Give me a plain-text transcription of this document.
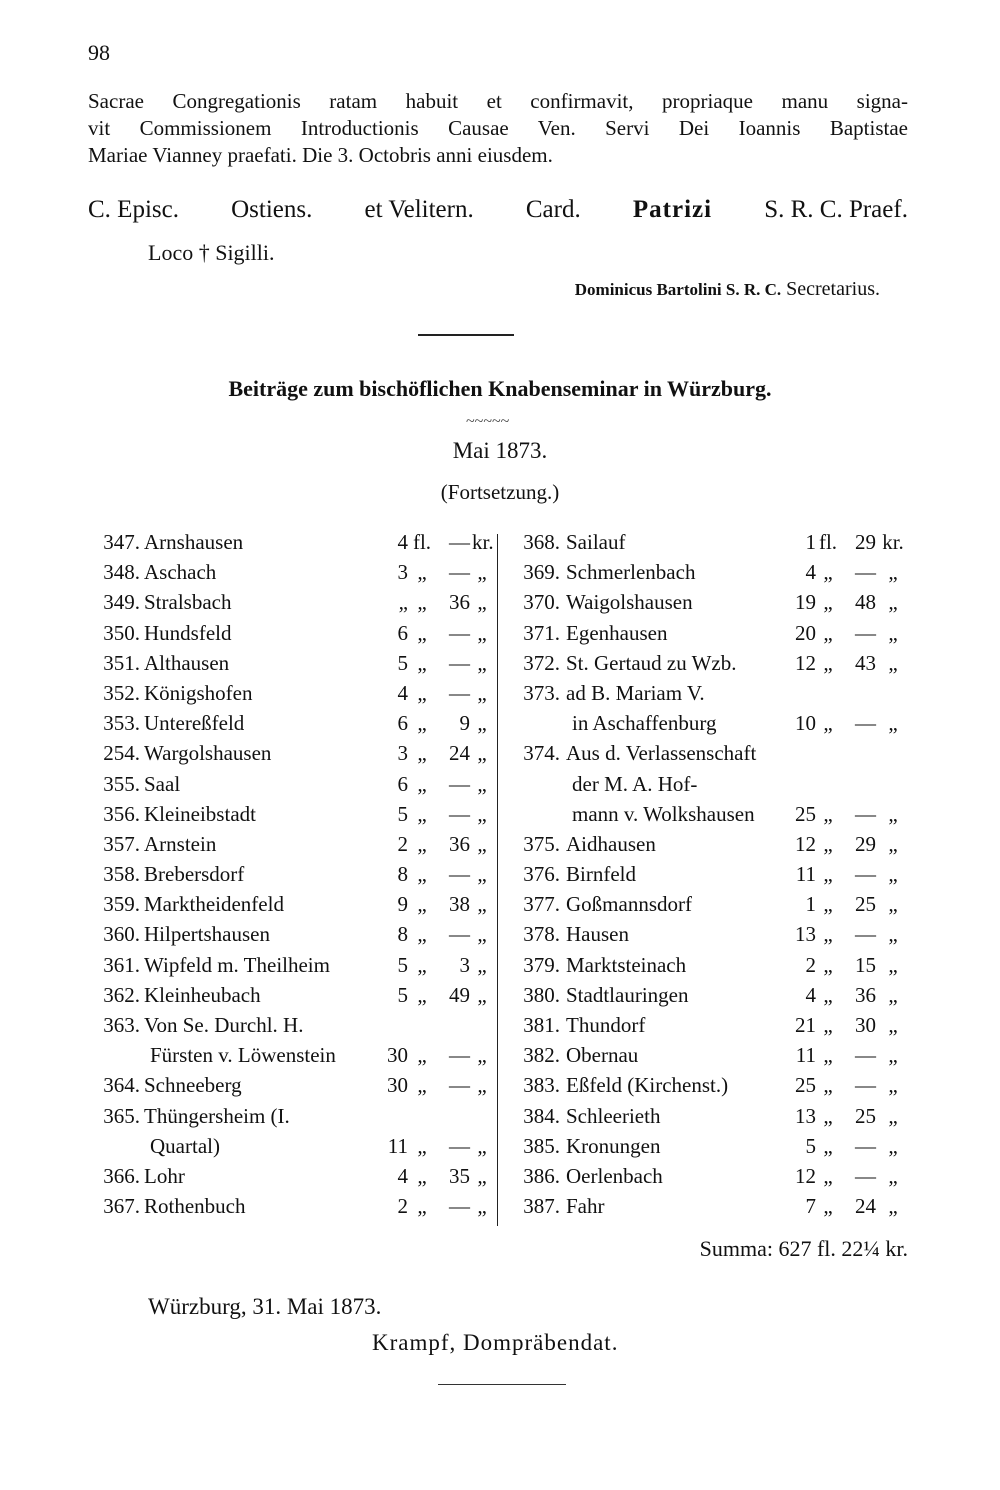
98
Sacrae Congregationis ratam habuit et confirmavit, propriaque manu signa-
vit Commissionem Introductionis Causae Ven. Servi Dei Ioannis Baptistae
Mariae Vianney praefati. Die 3. Octobris anni eiusdem.
C. Episc. Ostiens. et Velitern. Card. Patrizi S. R. C. Praef.
Loco † Sigilli.
Dominicus Bartolini S. R. C. Secretarius.
Beiträge zum bischöflichen Knabenseminar in Würzburg.
~~~~~
Mai 1873.
(Fortsetzung.)
347. Arnshausen	4 fl. — kr.
348. Aschach	3 „	— „
349. Stralsbach	„ „	36 „
350. Hundsfeld	6 „	— „
351. Althausen	5 „	— „
352. Königshofen	4 „	— „
353. Untereßfeld	6 „	9 „
254. Wargolshausen	3 „	24 „
355. Saal	6 „	— „
356. Kleineibstadt	5 „	— „
357. Arnstein	2 „	36 „
358. Brebersdorf	8 „	— „
359. Marktheidenfeld	9 „	38 „
360. Hilpertshausen	8 „	— „
361. Wipfeld m. Theilheim	5 „	3 „
362. Kleinheubach	5 „	49 „
363. Von Se. Durchl. H.
Fürsten v. Löwenstein	30 „	— „
364. Schneeberg	30 „	— „
365. Thüngersheim (I.
Quartal)	11 „	— „
366. Lohr	4 „	35 „
367. Rothenbuch	2 „	— „
368. Sailauf	1 fl. 29 kr.
369. Schmerlenbach	4 „	— „
370. Waigolshausen	19 „	48 „
371. Egenhausen	20 „	— „
372. St. Gertaud zu Wzb.	12 „	43 „
373. ad B. Mariam V.
in Aschaffenburg	10 „	— „
374. Aus d. Verlassenschaft
der M. A. Hof-
mann v. Wolkshausen	25 „	— „
375. Aidhausen	12 „	29 „
376. Birnfeld	11 „	— „
377. Goßmannsdorf	1 „	25 „
378. Hausen	13 „	— „
379. Marktsteinach	2 „	15 „
380. Stadtlauringen	4 „	36 „
381. Thundorf	21 „	30 „
382. Obernau	11 „	— „
383. Eßfeld (Kirchenst.)	25 „	— „
384. Schleerieth	13 „	25 „
385. Kronungen	5 „	— „
386. Oerlenbach	12 „	— „
387. Fahr	7 „	24 „
Summa: 627 fl. 22¼ kr.
Würzburg, 31. Mai 1873.
Krampf, Dompräbendat.
